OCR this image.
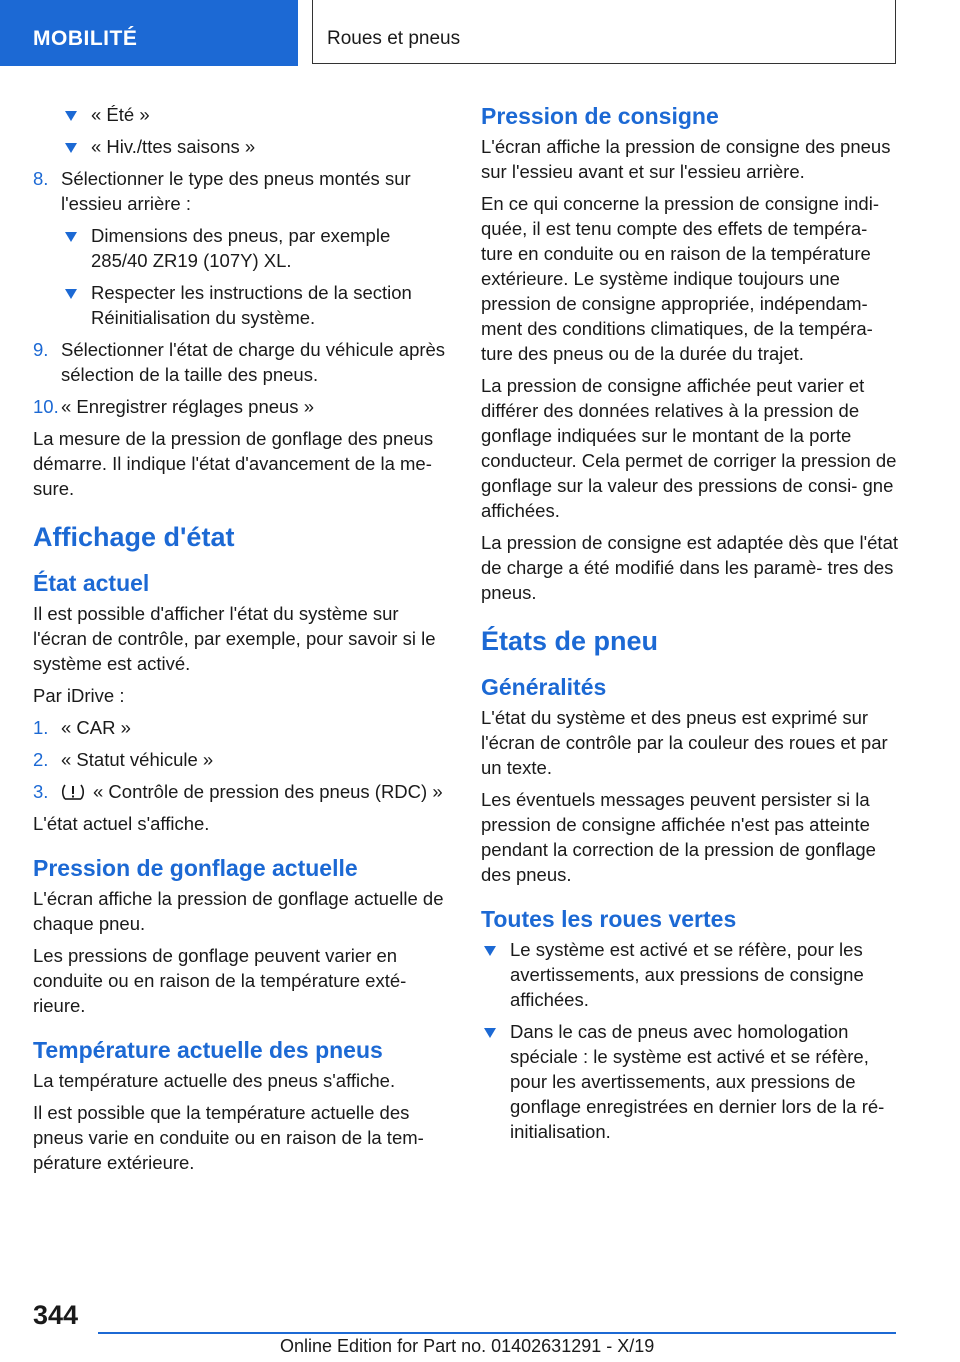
MOBILITÉ	Roues et pneus
« Été »
« Hiv./ttes saisons »
8. Sélectionner le type des pneus montés sur l'essieu arrière :
Dimensions des pneus, par exemple 285/40 ZR19 (107Y) XL.
Respecter les instructions de la section Réinitialisation du système.
9. Sélectionner l'état de charge du véhicule après sélection de la taille des pneus.
10. « Enregistrer réglages pneus »

La mesure de la pression de gonflage des pneus démarre. Il indique l'état d'avancement de la me‐ sure.

Affichage d'état
État actuel

Il est possible d'afficher l'état du système sur l'écran de contrôle, par exemple, pour savoir si le système est activé.

Par iDrive :

1. « CAR »
2. « Statut véhicule »
3. « Contrôle de pression des pneus (RDC) »

L'état actuel s'affiche.

Pression de gonflage actuelle

L'écran affiche la pression de gonflage actuelle de chaque pneu.

Les pressions de gonflage peuvent varier en conduite ou en raison de la température exté‐ rieure.

Température actuelle des pneus

La température actuelle des pneus s'affiche.

Il est possible que la température actuelle des pneus varie en conduite ou en raison de la tem‐ pérature extérieure.

Pression de consigne

L'écran affiche la pression de consigne des pneus sur l'essieu avant et sur l'essieu arrière.

En ce qui concerne la pression de consigne indi‐ quée, il est tenu compte des effets de tempéra‐ ture en conduite ou en raison de la température extérieure. Le système indique toujours une pression de consigne appropriée, indépendam‐ ment des conditions climatiques, de la tempéra‐ ture des pneus ou de la durée du trajet.

La pression de consigne affichée peut varier et différer des données relatives à la pression de gonflage indiquées sur le montant de la porte conducteur. Cela permet de corriger la pression de gonflage sur la valeur des pressions de consi‐ gne affichées.

La pression de consigne est adaptée dès que l'état de charge a été modifié dans les paramè‐ tres des pneus.

États de pneu
Généralités

L'état du système et des pneus est exprimé sur l'écran de contrôle par la couleur des roues et par un texte.

Les éventuels messages peuvent persister si la pression de consigne affichée n'est pas atteinte pendant la correction de la pression de gonflage des pneus.

Toutes les roues vertes
Le système est activé et se réfère, pour les avertissements, aux pressions de consigne affichées.
Dans le cas de pneus avec homologation spéciale : le système est activé et se réfère, pour les avertissements, aux pressions de gonflage enregistrées en dernier lors de la ré‐ initialisation.
344
Online Edition for Part no. 01402631291 - X/19
